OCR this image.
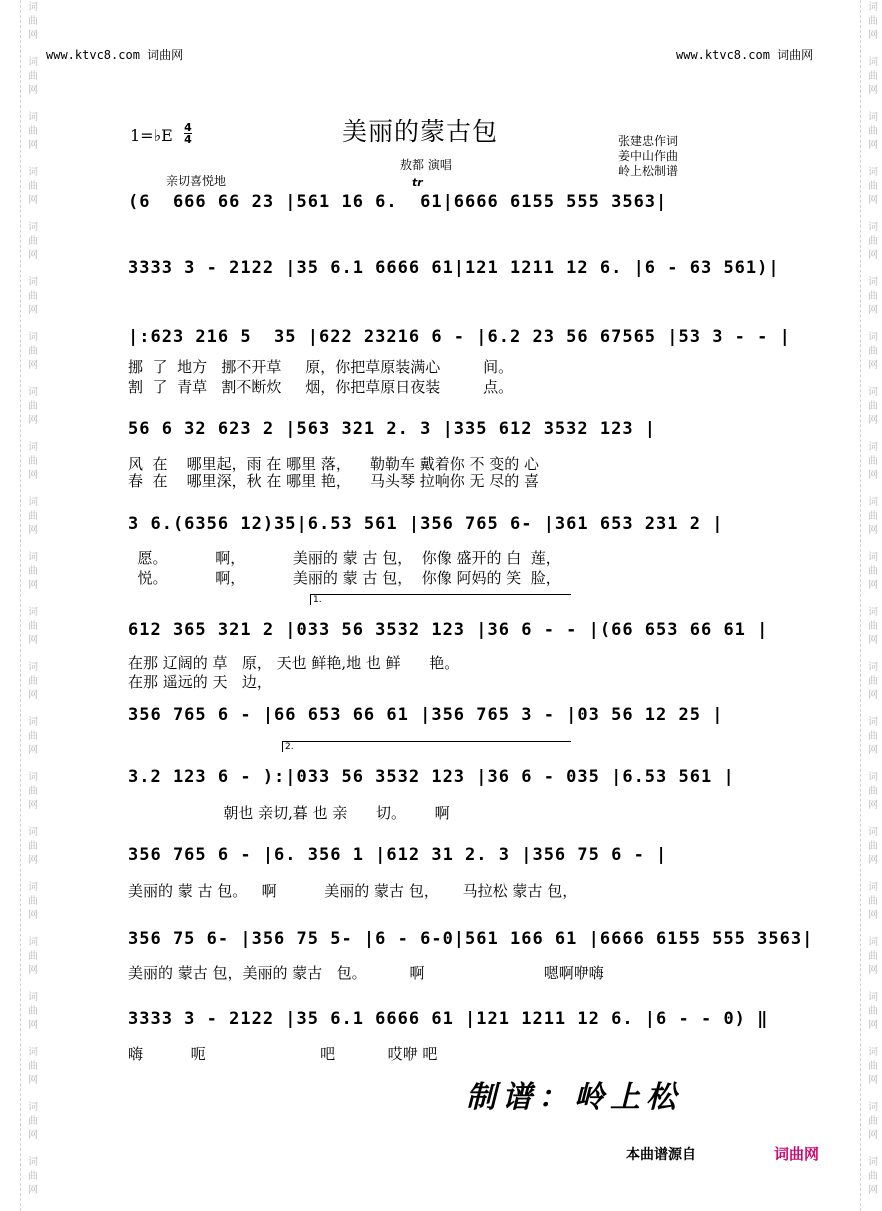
词
曲
网
词
曲
网
词
曲
网
词
曲
网
词
曲
网
词
曲
网
词
曲
网
词
曲
网
词
曲
网
词
曲
网
词
曲
网
词
曲
网
词
曲
网
词
曲
网
词
曲
网
词
曲
网
词
曲
网
词
曲
网
词
曲
网
词
曲
网
词
曲
网
词
曲
网
词
曲
网
词
曲
网
词
曲
网
词
曲
网
词
曲
网
词
曲
网
词
曲
网
词
曲
网
词
曲
网
词
曲
网
词
曲
网
词
曲
网
词
曲
网
词
曲
网
词
曲
网
词
曲
网
词
曲
网
词
曲
网
词
曲
网
词
曲
网
词
曲
网
词
曲
网
www.ktvc8.com 词曲网	www.ktvc8.com 词曲网
1=♭E 4
4	美丽的蒙古包
敖都 演唱
亲切喜悦地	tr
张建忠作词
姜中山作曲
岭上松制谱
(6  666 66 23 |561 16 6.  61|6666 6155 555 3563|
3333 3 - 2122 |35 6.1 6666 61|121 1211 12 6. |6 - 63 561)|
|:623 216 5  35 |622 23216 6 - |6.2 23 56 67565 |53 3 - - |
56 6 32 623 2 |563 321 2. 3 |335 612 3532 123 |
3 6.(6356 12)35|6.53 561 |356 765 6- |361 653 231 2 |
612 365 321 2 |033 56 3532 123 |36 6 - - |(66 653 66 61 |
356 765 6 - |66 653 66 61 |356 765 3 - |03 56 12 25 |
3.2 123 6 - ):|033 56 3532 123 |36 6 - 035 |6.53 561 |
356 765 6 - |6. 356 1 |612 31 2. 3 |356 75 6 - |
356 75 6- |356 75 5- |6 - 6-0|561 166 61 |6666 6155 555 3563|
3333 3 - 2122 |35 6.1 6666 61 |121 1211 12 6. |6 - - 0) ‖
1.
2.
挪  了  地方   挪不开草     原，你把草原装满心         间。
割  了  青草   割不断炊     烟，你把草原日夜装         点。
风  在    哪里起，雨 在 哪里 落，    勒勒车 戴着你 不 变的 心
春  在    哪里深，秋 在 哪里 艳，    马头琴 拉响你 无 尽的 喜
愿。          啊，          美丽的 蒙 古 包，  你像 盛开的 白  莲，
悦。          啊，          美丽的 蒙 古 包，  你像 阿妈的 笑  脸，
在那 辽阔的 草   原， 天也 鲜艳,地 也 鲜      艳。
在那 遥远的 天   边，
朝也 亲切,暮 也 亲      切。      啊
美丽的 蒙 古 包。   啊          美丽的 蒙古 包，     马拉松 蒙古 包，
美丽的 蒙古 包，美丽的 蒙古   包。         啊                         嗯啊咿嗨
嗨          呃                        吧           哎咿 吧
制谱：岭上松
本曲谱源自	词曲网
